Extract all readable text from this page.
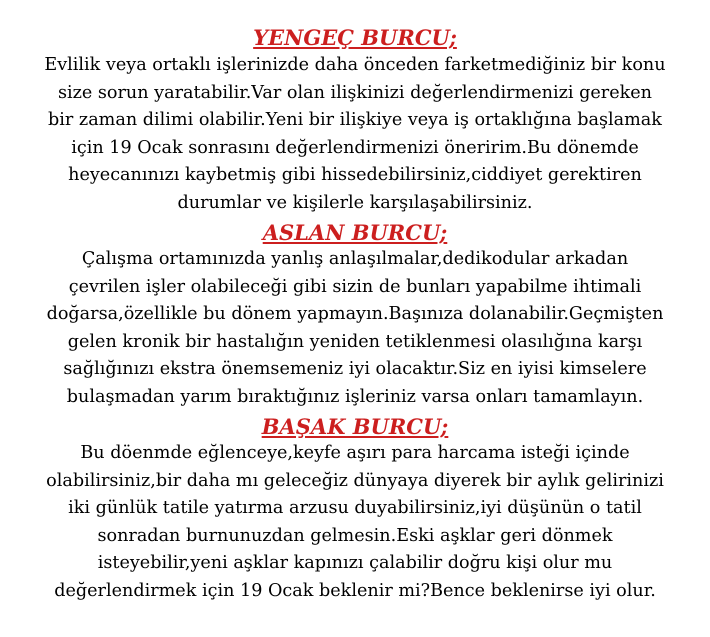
YENGEÇ BURCU;

Evlilik veya ortaklı işlerinizde daha önceden farketmediğiniz bir konu
size sorun yaratabilir.Var olan ilişkinizi değerlendirmenizi gereken
bir zaman dilimi olabilir.Yeni bir ilişkiye veya iş ortaklığına başlamak
için 19 Ocak sonrasını değerlendirmenizi öneririm.Bu dönemde
heyecanınızı kaybetmiş gibi hissedebilirsiniz,ciddiyet gerektiren
durumlar ve kişilerle karşılaşabilirsiniz.

ASLAN BURCU;

Çalışma ortamınızda yanlış anlaşılmalar,dedikodular arkadan
çevrilen işler olabileceği gibi sizin de bunları yapabilme ihtimali
doğarsa,özellikle bu dönem yapmayın.Başınıza dolanabilir.Geçmişten
gelen kronik bir hastalığın yeniden tetiklenmesi olasılığına karşı
sağlığınızı ekstra önemsemeniz iyi olacaktır.Siz en iyisi kimselere
bulaşmadan yarım bıraktığınız işleriniz varsa onları tamamlayın.

BAŞAK BURCU;

Bu döenmde eğlenceye,keyfe aşırı para harcama isteği içinde
olabilirsiniz,bir daha mı geleceğiz dünyaya diyerek bir aylık gelirinizi
iki günlük tatile yatırma arzusu duyabilirsiniz,iyi düşünün o tatil
sonradan burnunuzdan gelmesin.Eski aşklar geri dönmek
isteyebilir,yeni aşklar kapınızı çalabilir doğru kişi olur mu
değerlendirmek için 19 Ocak beklenir mi?Bence beklenirse iyi olur.
